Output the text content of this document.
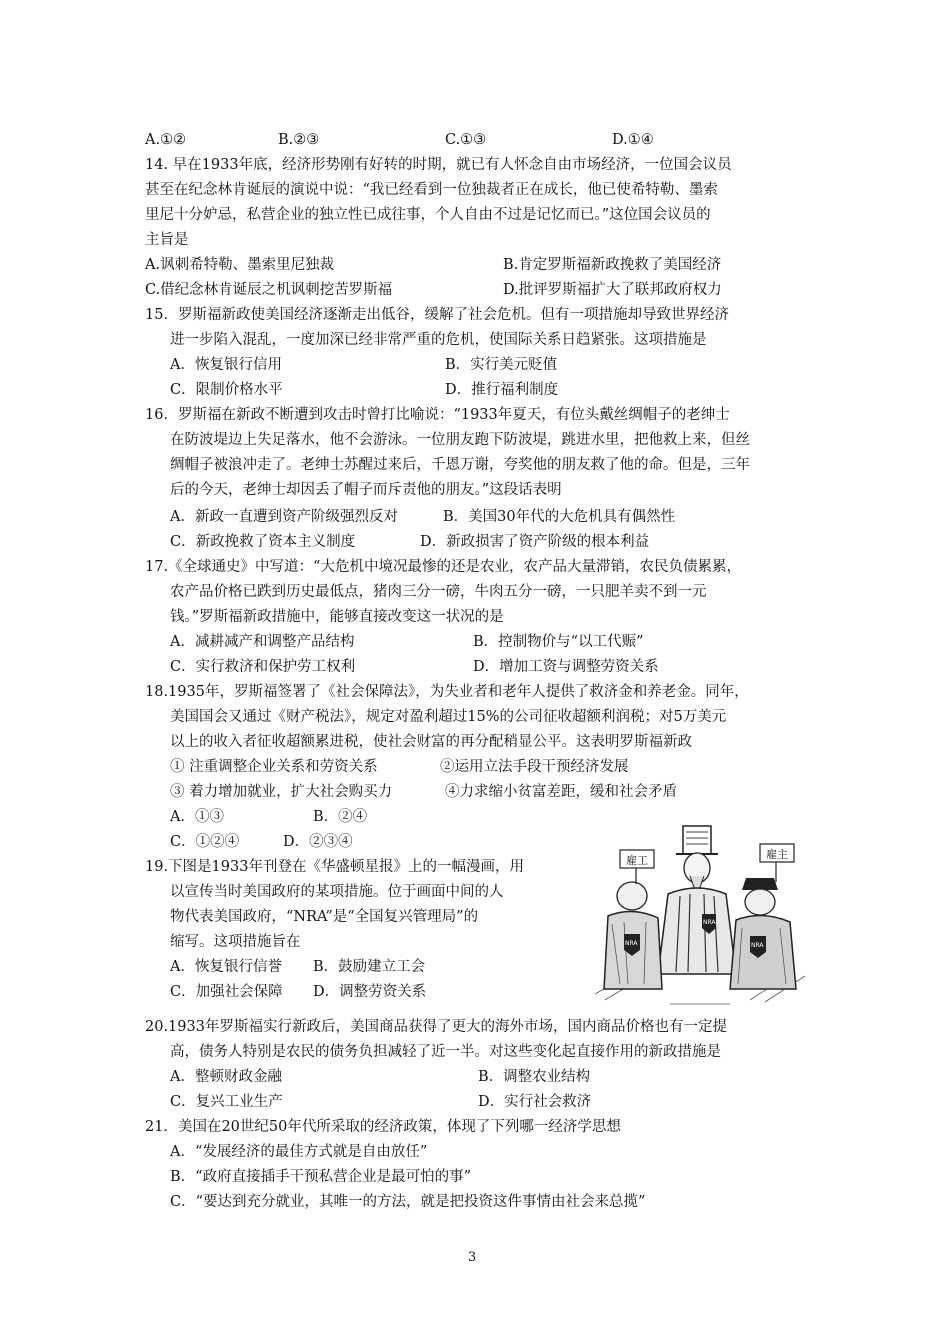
A.①②	B.②③	C.①③	D.①④
14. 早在1933年底，经济形势刚有好转的时期，就已有人怀念自由市场经济，一位国会议员
甚至在纪念林肯诞辰的演说中说：“我已经看到一位独裁者正在成长，他已使希特勒、墨索
里尼十分妒忌，私营企业的独立性已成往事，个人自由不过是记忆而已。”这位国会议员的
主旨是
A.讽刺希特勒、墨索里尼独裁	B.肯定罗斯福新政挽救了美国经济
C.借纪念林肯诞辰之机讽刺挖苦罗斯福	D.批评罗斯福扩大了联邦政府权力
15．罗斯福新政使美国经济逐渐走出低谷，缓解了社会危机。但有一项措施却导致世界经济
进一步陷入混乱，一度加深已经非常严重的危机，使国际关系日趋紧张。这项措施是
A．恢复银行信用	B．实行美元贬值
C．限制价格水平	D．推行福利制度
16．罗斯福在新政不断遭到攻击时曾打比喻说：“1933年夏天，有位头戴丝绸帽子的老绅士
在防波堤边上失足落水，他不会游泳。一位朋友跑下防波堤，跳进水里，把他救上来，但丝
绸帽子被浪冲走了。老绅士苏醒过来后，千恩万谢，夸奖他的朋友救了他的命。但是，三年
后的今天，老绅士却因丢了帽子而斥责他的朋友。”这段话表明
A．新政一直遭到资产阶级强烈反对	B．美国30年代的大危机具有偶然性
C．新政挽救了资本主义制度	D．新政损害了资产阶级的根本利益
17.《全球通史》中写道：“大危机中境况最惨的还是农业，农产品大量滞销，农民负债累累，
农产品价格已跌到历史最低点，猪肉三分一磅，牛肉五分一磅，一只肥羊卖不到一元
钱。”罗斯福新政措施中，能够直接改变这一状况的是
A．减耕减产和调整产品结构	B．控制物价与“以工代赈”
C．实行救济和保护劳工权利	D．增加工资与调整劳资关系
18.1935年，罗斯福签署了《社会保障法》，为失业者和老年人提供了救济金和养老金。同年，
美国国会又通过《财产税法》，规定对盈利超过15%的公司征收超额利润税；对5万美元
以上的收入者征收超额累进税，使社会财富的再分配稍显公平。这表明罗斯福新政
① 注重调整企业关系和劳资关系	②运用立法手段干预经济发展
③ 着力增加就业，扩大社会购买力	④力求缩小贫富差距，缓和社会矛盾
A．①③	B．②④
C．①②④	D．②③④
19.下图是1933年刊登在《华盛顿星报》上的一幅漫画，用
以宣传当时美国政府的某项措施。位于画面中间的人
物代表美国政府，“NRA”是“全国复兴管理局”的
缩写。这项措施旨在
A．恢复银行信誉 B．鼓励建立工会
C．加强社会保障 D．调整劳资关系
NRA
NRA
雇工
NRA
雇主
20.1933年罗斯福实行新政后，美国商品获得了更大的海外市场，国内商品价格也有一定提
高，债务人特别是农民的债务负担减轻了近一半。对这些变化起直接作用的新政措施是
A．整顿财政金融	B．调整农业结构
C．复兴工业生产	D．实行社会救济
21．美国在20世纪50年代所采取的经济政策，体现了下列哪一经济学思想
A．“发展经济的最佳方式就是自由放任”
B．“政府直接插手干预私营企业是最可怕的事”
C．“要达到充分就业，其唯一的方法，就是把投资这件事情由社会来总揽”
3
